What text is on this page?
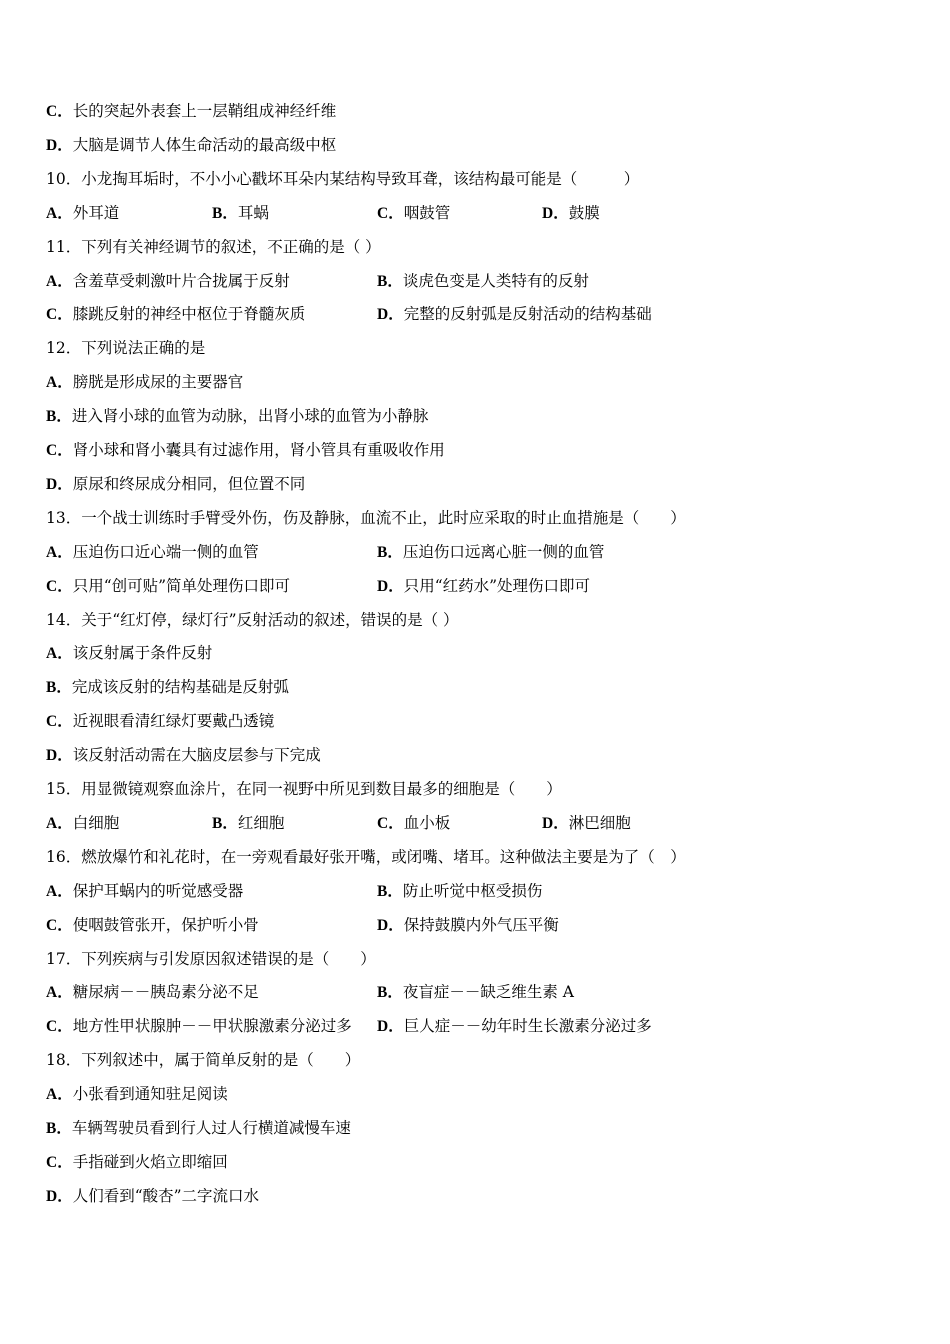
C．长的突起外表套上一层鞘组成神经纤维
D．大脑是调节人体生命活动的最高级中枢
10．小龙掏耳垢时，不小小心戳坏耳朵内某结构导致耳聋，该结构最可能是（　　　）
A．外耳道	B．耳蜗	C．咽鼓管	D．鼓膜
11．下列有关神经调节的叙述，不正确的是（ ）
A．含羞草受刺激叶片合拢属于反射	B．谈虎色变是人类特有的反射
C．膝跳反射的神经中枢位于脊髓灰质	D．完整的反射弧是反射活动的结构基础
12．下列说法正确的是
A．膀胱是形成尿的主要器官
B．进入肾小球的血管为动脉，出肾小球的血管为小静脉
C．肾小球和肾小囊具有过滤作用，肾小管具有重吸收作用
D．原尿和终尿成分相同，但位置不同
13．一个战士训练时手臂受外伤，伤及静脉，血流不止，此时应采取的时止血措施是（　　）
A．压迫伤口近心端一侧的血管	B．压迫伤口远离心脏一侧的血管
C．只用“创可贴”简单处理伤口即可	D．只用“红药水”处理伤口即可
14．关于“红灯停，绿灯行”反射活动的叙述，错误的是（ ）
A．该反射属于条件反射
B．完成该反射的结构基础是反射弧
C．近视眼看清红绿灯要戴凸透镜
D．该反射活动需在大脑皮层参与下完成
15．用显微镜观察血涂片，在同一视野中所见到数目最多的细胞是（　　）
A．白细胞	B．红细胞	C．血小板	D．淋巴细胞
16．燃放爆竹和礼花时，在一旁观看最好张开嘴，或闭嘴、堵耳。这种做法主要是为了（　）
A．保护耳蜗内的听觉感受器	B．防止听觉中枢受损伤
C．使咽鼓管张开，保护听小骨	D．保持鼓膜内外气压平衡
17．下列疾病与引发原因叙述错误的是（　　）
A．糖尿病－－胰岛素分泌不足	B．夜盲症－－缺乏维生素 A
C．地方性甲状腺肿－－甲状腺激素分泌过多 D．巨人症－－幼年时生长激素分泌过多
18．下列叙述中，属于简单反射的是（　　）
A．小张看到通知驻足阅读
B．车辆驾驶员看到行人过人行横道减慢车速
C．手指碰到火焰立即缩回
D．人们看到“酸杏”二字流口水
